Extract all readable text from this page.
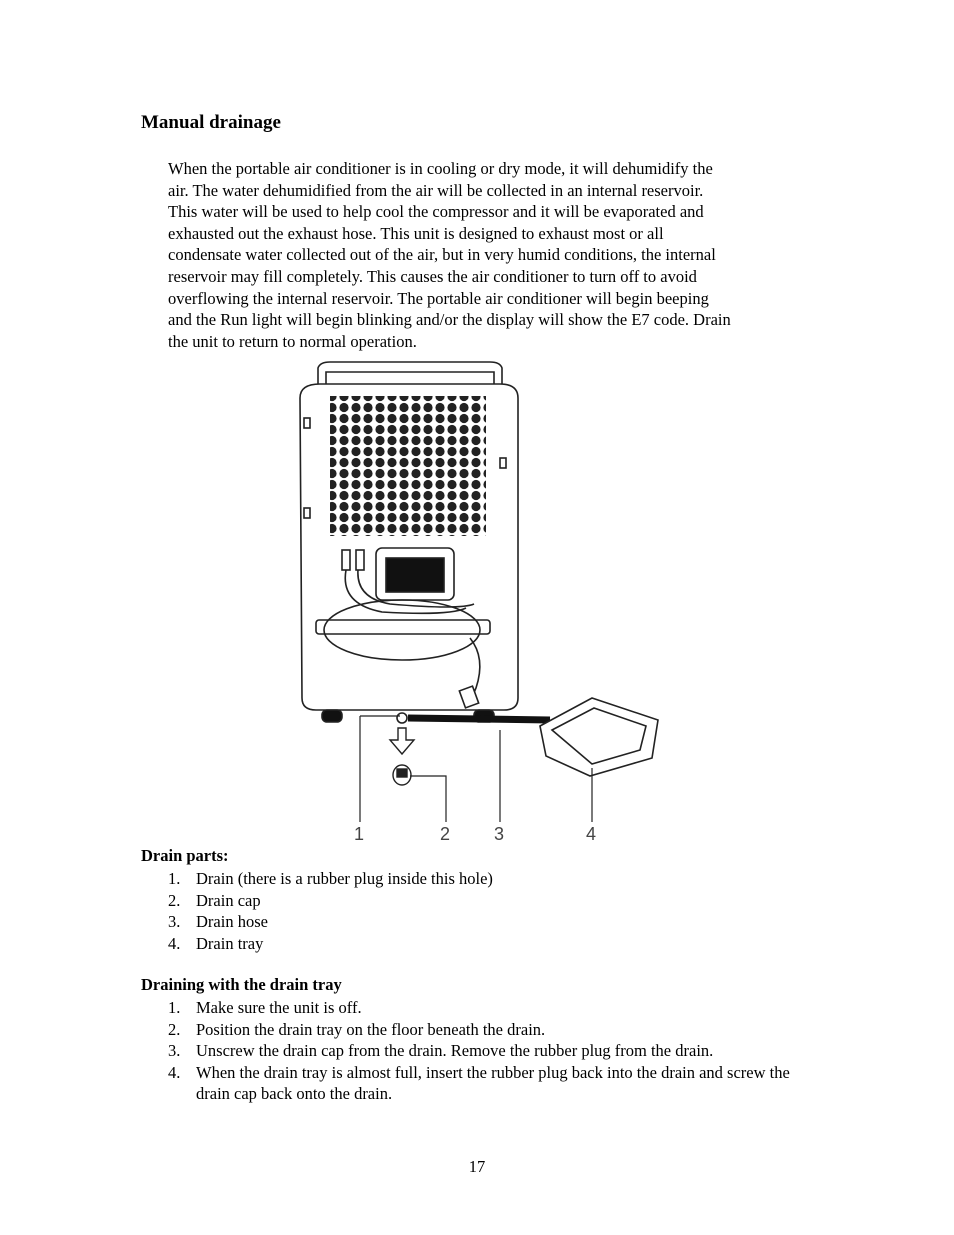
Manual drainage

When the portable air conditioner is in cooling or dry mode, it will dehumidify the
air. The water dehumidified from the air will be collected in an internal reservoir.
This water will be used to help cool the compressor and it will be evaporated and
exhausted out the exhaust hose. This unit is designed to exhaust most or all
condensate water collected out of the air, but in very humid conditions, the internal
reservoir may fill completely. This causes the air conditioner to turn off to avoid
overflowing the internal reservoir. The portable air conditioner will begin beeping
and the Run light will begin blinking and/or the display will show the E7 code. Drain
the unit to return to normal operation.

1	2 3	4
Drain parts:
1. Drain (there is a rubber plug inside this hole)
2. Drain cap
3. Drain hose
4. Drain tray
Draining with the drain tray
1. Make sure the unit is off.
2. Position the drain tray on the floor beneath the drain.
3. Unscrew the drain cap from the drain. Remove the rubber plug from the drain.
4. When the drain tray is almost full, insert the rubber plug back into the drain and screw the drain cap back onto the drain.
17
